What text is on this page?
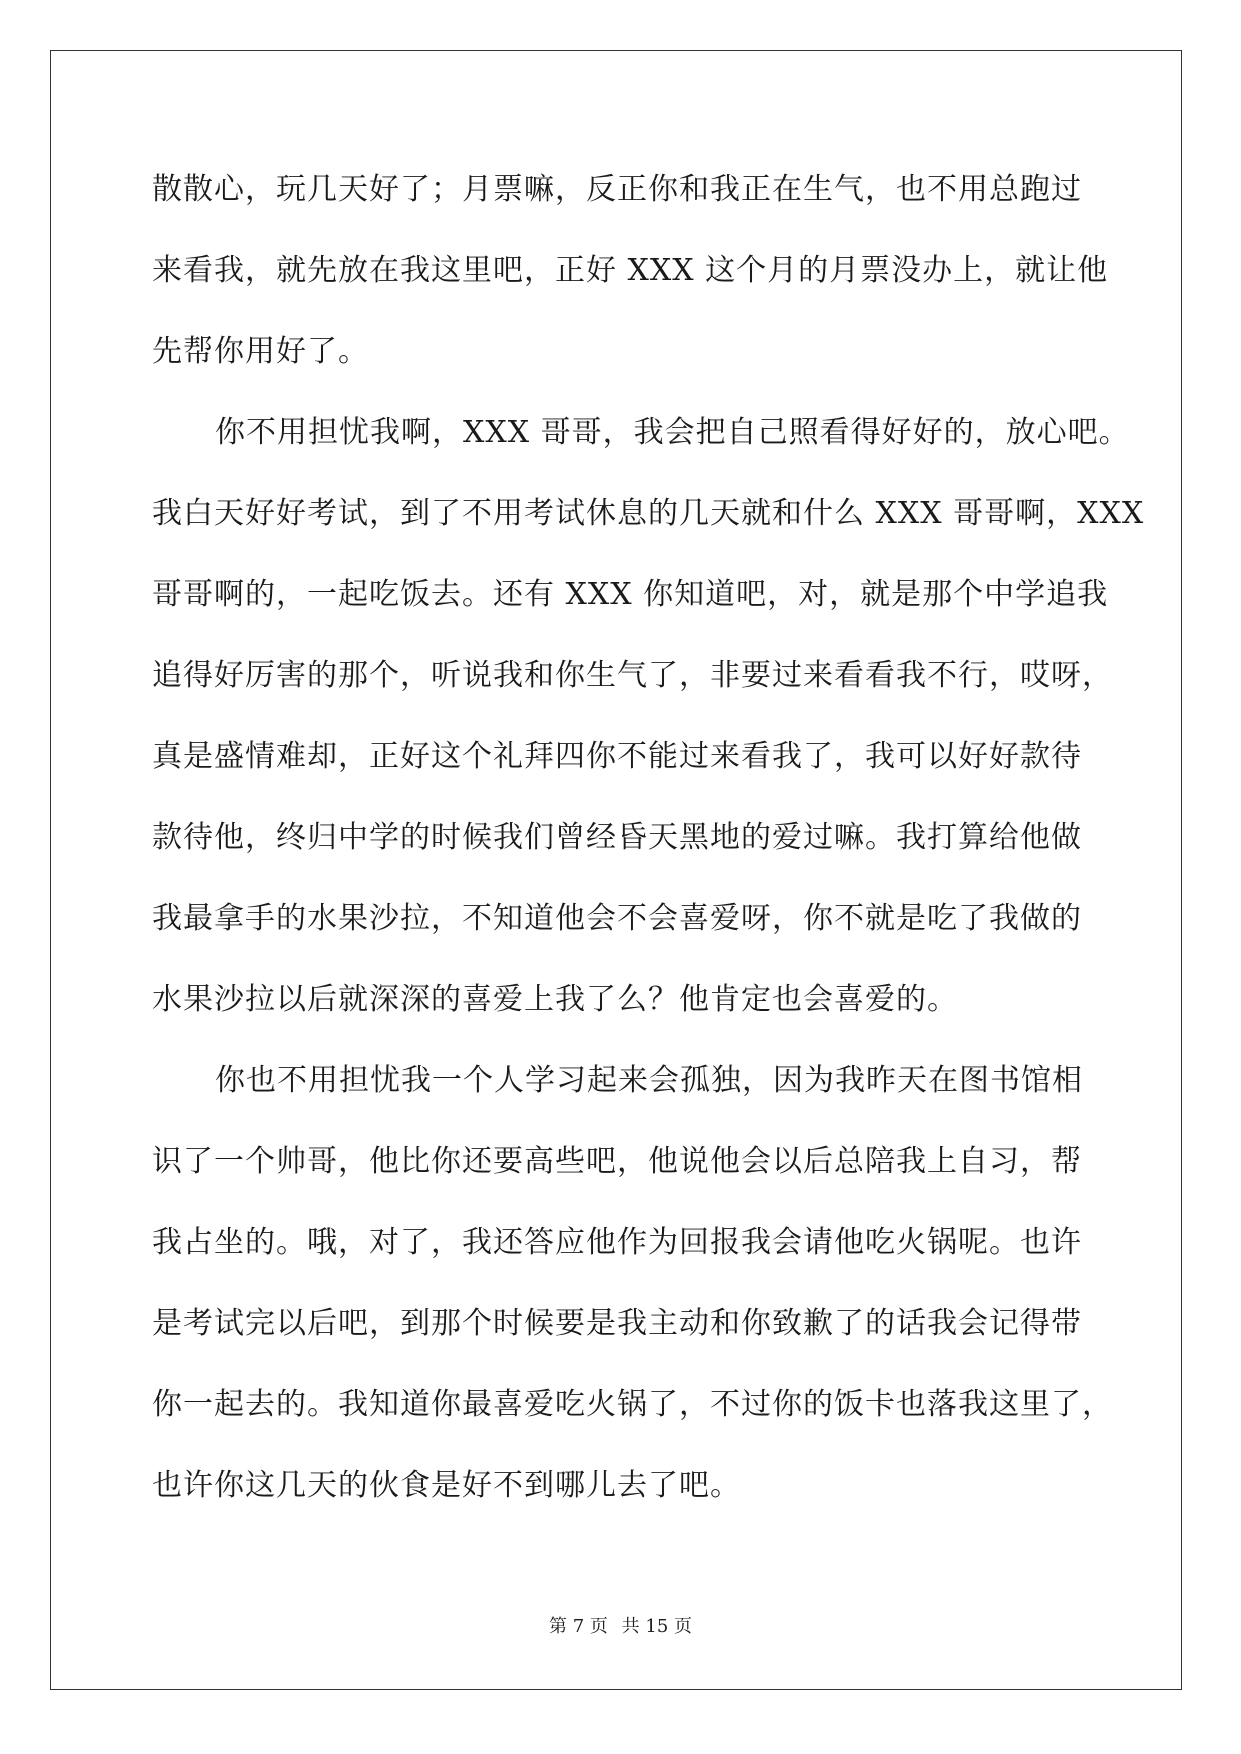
散散心，玩几天好了；月票嘛，反正你和我正在生气，也不用总跑过
来看我，就先放在我这里吧，正好 XXX 这个月的月票没办上，就让他
先帮你用好了。
你不用担忧我啊，XXX 哥哥，我会把自己照看得好好的，放心吧。
我白天好好考试，到了不用考试休息的几天就和什么 XXX 哥哥啊，XXX
哥哥啊的，一起吃饭去。还有 XXX 你知道吧，对，就是那个中学追我
追得好厉害的那个，听说我和你生气了，非要过来看看我不行，哎呀，
真是盛情难却，正好这个礼拜四你不能过来看我了，我可以好好款待
款待他，终归中学的时候我们曾经昏天黑地的爱过嘛。我打算给他做
我最拿手的水果沙拉，不知道他会不会喜爱呀，你不就是吃了我做的
水果沙拉以后就深深的喜爱上我了么？他肯定也会喜爱的。
你也不用担忧我一个人学习起来会孤独，因为我昨天在图书馆相
识了一个帅哥，他比你还要高些吧，他说他会以后总陪我上自习，帮
我占坐的。哦，对了，我还答应他作为回报我会请他吃火锅呢。也许
是考试完以后吧，到那个时候要是我主动和你致歉了的话我会记得带
你一起去的。我知道你最喜爱吃火锅了，不过你的饭卡也落我这里了，
也许你这几天的伙食是好不到哪儿去了吧。
第 7 页 共 15 页
